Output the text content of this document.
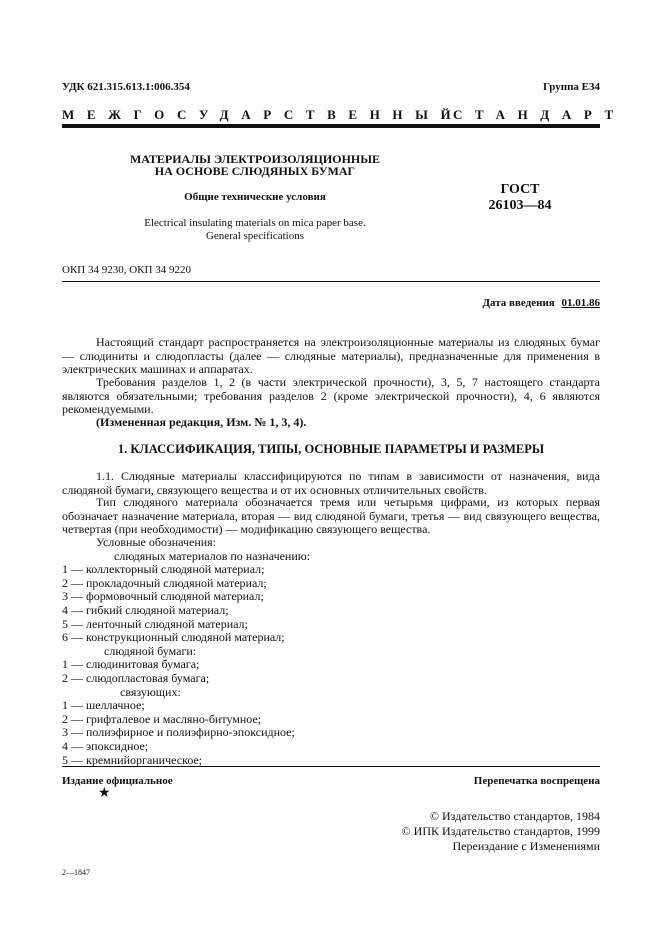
УДК 621.315.613.1:006.354	Группа Е34
МЕЖГОСУДАРСТВЕННЫЙ
СТАНДАРТ
МАТЕРИАЛЫ ЭЛЕКТРОИЗОЛЯЦИОННЫЕ
НА ОСНОВЕ СЛЮДЯНЫХ БУМАГ
Общие технические условия
Electrical insulating materials on mica paper base.
General specifications
ГОСТ
26103—84
ОКП 34 9230, ОКП 34 9220
Дата введения 01.01.86
Настоящий стандарт распространяется на электроизоляционные материалы из слюдяных бумаг — слюдиниты и слюдопласты (далее — слюдяные материалы), предназначенные для применения в электрических машинах и аппаратах.
Требования разделов 1, 2 (в части электрической прочности), 3, 5, 7 настоящего стандарта являются обязательными; требования разделов 2 (кроме электрической прочности), 4, 6 являются рекомендуемыми.
(Измененная редакция, Изм. № 1, 3, 4).
1. КЛАССИФИКАЦИЯ, ТИПЫ, ОСНОВНЫЕ ПАРАМЕТРЫ И РАЗМЕРЫ
1.1. Слюдяные материалы классифицируются по типам в зависимости от назначения, вида слюдяной бумаги, связующего вещества и от их основных отличительных свойств.
Тип слюдяного материала обозначается тремя или четырьмя цифрами, из которых первая обозначает назначение материала, вторая — вид слюдяной бумаги, третья — вид связующего вещества, четвертая (при необходимости) — модификацию связующего вещества.
Условные обозначения:
слюдяных материалов по назначению:
1 — коллекторный слюдяной материал;
2 — прокладочный слюдяной материал;
3 — формовочный слюдяной материал;
4 — гибкий слюдяной материал;
5 — ленточный слюдяной материал;
6 — конструкционный слюдяной материал;
слюдяной бумаги:
1 — слюдинитовая бумага;
2 — слюдопластовая бумага;
связующих:
1 — шеллачное;
2 — грифталевое и масляно-битумное;
3 — полиэфирное и полиэфирно-эпоксидное;
4 — эпоксидное;
5 — кремнийорганическое;
Издание официальное	Перепечатка воспрещена
★
© Издательство стандартов, 1984
© ИПК Издательство стандартов, 1999
Переиздание с Изменениями
2—1847
